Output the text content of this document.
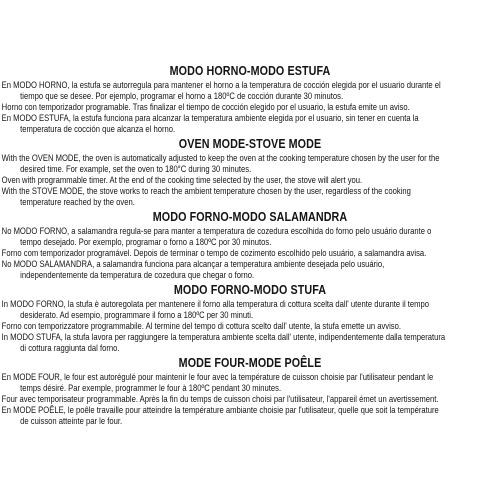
MODO HORNO-MODO ESTUFA
En MODO HORNO, la estufa se autorregula para mantener el horno a la temperatura de cocción elegida por el usuario durante el
tiempo que se desee. Por ejemplo, programar el horno a 180ºC de cocción durante 30 minutos.
Horno con temporizador programable. Tras finalizar el tiempo de cocción elegido por el usuario, la estufa emite un aviso.
En MODO ESTUFA, la estufa funciona para alcanzar la temperatura ambiente elegida por el usuario, sin tener en cuenta la
temperatura de cocción que alcanza el horno.
OVEN MODE-STOVE MODE
With the OVEN MODE, the oven is automatically adjusted to keep the oven at the cooking temperature chosen by the user for the
desired time. For example, set the oven to 180°C during 30 minutes.
Oven with programmable timer. At the end of the cooking time selected by the user, the stove will alert you.
With the STOVE MODE, the stove works to reach the ambient temperature chosen by the user, regardless of the cooking
temperature reached by the oven.
MODO FORNO-MODO SALAMANDRA
No MODO FORNO, a salamandra regula-se para manter a temperatura de cozedura escolhida do forno pelo usuário durante o
tempo desejado. Por exemplo, programar o forno a 180ºC por 30 minutos.
Forno com temporizador programável. Depois de terminar o tempo de cozimento escolhido pelo usuário, a salamandra avisa.
No MODO SALAMANDRA, a salamandra funciona para alcançar a temperatura ambiente desejada pelo usuário,
independentemente da temperatura de cozedura que chegar o forno.
MODO FORNO-MODO STUFA
In MODO FORNO, la stufa è autoregolata per mantenere il forno alla temperatura di cottura scelta dall' utente durante il tempo
desiderato. Ad esempio, programmare il forno a 180ºC per 30 minuti.
Forno con temporizzatore programmabile. Al termine del tempo di cottura scelto dall' utente, la stufa emette un avviso.
In MODO STUFA, la stufa lavora per raggiungere la temperatura ambiente scelta dall' utente, indipendentemente dalla temperatura
di cottura raggiunta dal forno.
MODE FOUR-MODE POÊLE
En MODE FOUR, le four est autorégulé pour maintenir le four avec la température de cuisson choisie par l'utilisateur pendant le
temps désiré. Par exemple, programmer le four à 180ºC pendant 30 minutes.
Four avec temporisateur programmable. Après la fin du temps de cuisson choisi par l'utilisateur, l'appareil émet un avertissement.
En MODE POÊLE, le poêle travaille pour atteindre la température ambiante choisie par l'utilisateur, quelle que soit la température
de cuisson atteinte par le four.
